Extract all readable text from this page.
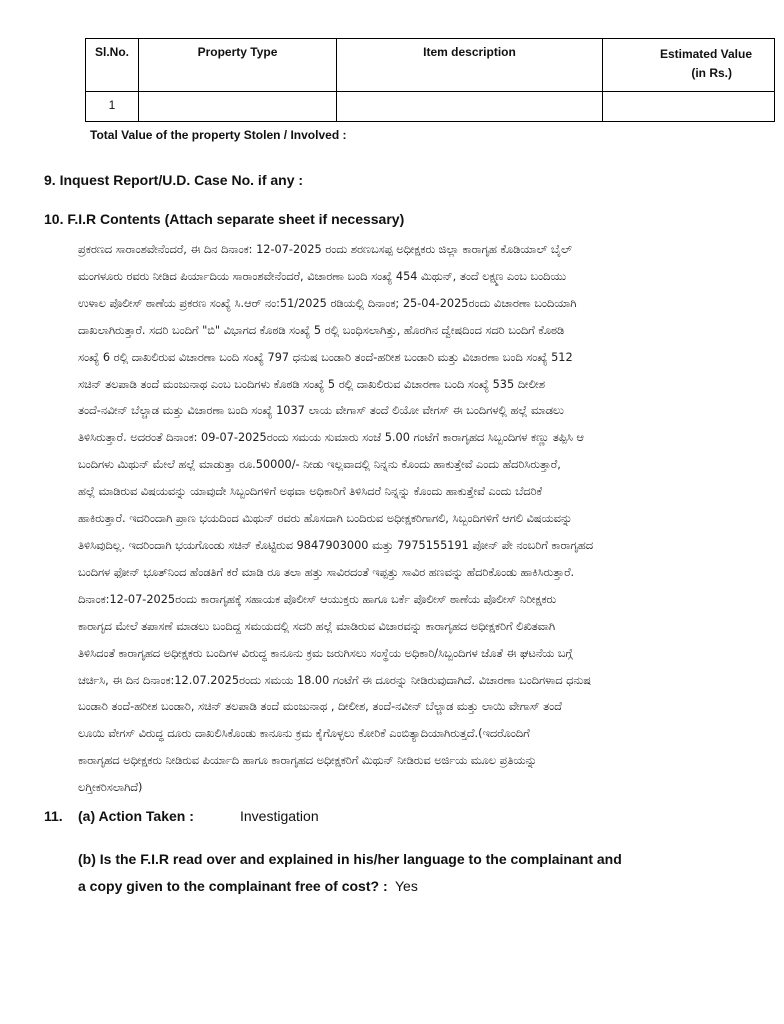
Sl.No.	Property Type	Item description	Estimated Value
(in Rs.)

1			
Total Value of the property Stolen / Involved :
9. Inquest Report/U.D. Case No. if any :
10. F.I.R Contents (Attach separate sheet if necessary)
ಪ್ರಕರಣದ ಸಾರಾಂಶವೇನೆಂದರೆ, ಈ ದಿನ ದಿನಾಂಕ: 12-07-2025 ರಂದು ಶರಣಬಸಪ್ಪ ಅಧೀಕ್ಷಕರು ಜಿಲ್ಲಾ ಕಾರಾಗೃಹ ಕೊಡಿಯಾಲ್ ಬೈಲ್
ಮಂಗಳೂರು ರವರು ನೀಡಿದ ಪಿರ್ಯಾದಿಯ ಸಾರಾಂಶವೇನೆಂದರೆ, ವಿಚಾರಣಾ ಬಂದಿ ಸಂಖ್ಯೆ 454 ಮಿಥುನ್, ತಂದೆ ಲಕ್ಷ್ಮಣ ಎಂಬ ಬಂದಿಯು
ಉಳಾಲ ಪೊಲೀಸ್ ಠಾಣೆಯ ಪ್ರಕರಣ ಸಂಖ್ಯೆ ಸಿ.ಆರ್ ನಂ:51/2025 ರಡಿಯಲ್ಲಿ ದಿನಾಂಕ; 25-04-2025ರಂದು ವಿಚಾರಣಾ ಬಂದಿಯಾಗಿ
ದಾಖಲಾಗಿರುತ್ತಾರೆ. ಸದರಿ ಬಂದಿಗೆ "ಬಿ" ವಿಭಾಗದ ಕೊಠಡಿ ಸಂಖ್ಯೆ 5 ರಲ್ಲಿ ಬಂಧಿಸಲಾಗಿತ್ತು, ಹೊರಗಿನ ದ್ವೇಷದಿಂದ ಸದರಿ ಬಂದಿಗೆ ಕೊಠಡಿ
ಸಂಖ್ಯೆ 6 ರಲ್ಲಿ ದಾಖಲಿರುವ ವಿಚಾರಣಾ ಬಂದಿ ಸಂಖ್ಯೆ 797 ಧನುಷ ಬಂಡಾರಿ ತಂದೆ-ಹರೀಶ ಬಂಡಾರಿ ಮತ್ತು ವಿಚಾರಣಾ ಬಂದಿ ಸಂಖ್ಯೆ 512
ಸಚಿನ್ ತಲಪಾಡಿ ತಂದೆ ಮಂಜುನಾಥ ಎಂಬ ಬಂದಿಗಳು ಕೊಠಡಿ ಸಂಖ್ಯೆ 5 ರಲ್ಲಿ ದಾಖಲಿರುವ ವಿಚಾರಣಾ ಬಂದಿ ಸಂಖ್ಯೆ 535 ದೀಲೀಶ
ತಂದೆ-ನವೀನ್ ಬೆಲ್ಚಾಡ ಮತ್ತು ವಿಚಾರಣಾ ಬಂದಿ ಸಂಖ್ಯೆ 1037 ಲಾಯ ವೇಗಾಸ್ ತಂದೆ ಲಿಯೋ ವೇಗಸ್ ಈ ಬಂದಿಗಳಲ್ಲಿ ಹಲ್ಲೆ ಮಾಡಲು
ತಿಳಿಸಿರುತ್ತಾರೆ. ಅದರಂತೆ ದಿನಾಂಕ: 09-07-2025ರಂದು ಸಮಯ ಸುಮಾರು ಸಂಜೆ 5.00 ಗಂಟೆಗೆ ಕಾರಾಗೃಹದ ಸಿಬ್ಬಂದಿಗಳ ಕಣ್ಣು ತಪ್ಪಿಸಿ ಆ
ಬಂದಿಗಳು ಮಿಥುನ್ ಮೇಲೆ ಹಲ್ಲೆ ಮಾಡುತ್ತಾ ರೂ.50000/- ನೀಡು ಇಲ್ಲವಾದಲ್ಲಿ ನಿನ್ನನು ಕೊಂದು ಹಾಕುತ್ತೇವೆ ಎಂದು ಹೆದರಿಸಿರುತ್ತಾರೆ,
ಹಲ್ಲೆ ಮಾಡಿರುವ ವಿಷಯವನ್ನು ಯಾವುದೇ ಸಿಬ್ಬಂದಿಗಳಿಗೆ ಅಥವಾ ಅಧಿಕಾರಿಗೆ ತಿಳಿಸಿದರೆ ನಿನ್ನನ್ನು ಕೊಂದು ಹಾಕುತ್ತೇವೆ ಎಂದು ಬೆದರಿಕೆ
ಹಾಕಿರುತ್ತಾರೆ. ಇದರಿಂದಾಗಿ ಪ್ರಾಣ ಭಯದಿಂದ ಮಿಥುನ್ ರವರು ಹೊಸದಾಗಿ ಬಂದಿರುವ ಅಧೀಕ್ಷಕರಿಗಾಗಲಿ, ಸಿಬ್ಬಂದಿಗಳಿಗೆ ಆಗಲಿ ವಿಷಯವನ್ನು
ತಿಳಿಸಿವುದಿಲ್ಲ. ಇದರಿಂದಾಗಿ ಭಯಗೊಂಡು ಸಚಿನ್ ಕೊಟ್ಟಿರುವ 9847903000 ಮತ್ತು 7975155191 ಪೋನ್ ಪೇ ನಂಬರಿಗೆ ಕಾರಾಗೃಹದ
ಬಂದಿಗಳ ಫೋನ್ ಭೂತ್‌ನಿಂದ ಹೆಂಡತಿಗೆ ಕರೆ ಮಾಡಿ ರೂ ತಲಾ ಹತ್ತು ಸಾವಿರದಂತೆ ಇಪ್ಪತ್ತು ಸಾವಿರ ಹಣವನ್ನು ಹೆದರಿಕೊಂಡು ಹಾಕಿಸಿರುತ್ತಾರೆ.
ದಿನಾಂಕ:12-07-2025ರಂದು ಕಾರಾಗೃಹಕ್ಕೆ ಸಹಾಯಕ ಪೊಲೀಸ್ ಆಯುಕ್ತರು ಹಾಗೂ ಬರ್ಕೆ ಪೊಲೀಸ್ ಠಾಣೆಯ ಪೊಲೀಸ್ ನಿರೀಕ್ಷಕರು
ಕಾರಾಗೃದ ಮೇಲೆ ತಪಾಸಣೆ ಮಾಡಲು ಬಂದಿದ್ದ ಸಮಯದಲ್ಲಿ ಸದರಿ ಹಲ್ಲೆ ಮಾಡಿರುವ ವಿಚಾರವನ್ನು ಕಾರಾಗೃಹದ ಅಧೀಕ್ಷಕರಿಗೆ ಲಿಖಿತವಾಗಿ
ತಿಳಿಸಿದಂತೆ ಕಾರಾಗೃಹದ ಅಧೀಕ್ಷಕರು ಬಂದಿಗಳ ವಿರುದ್ಧ ಕಾನೂನು ಕ್ರಮ ಜರುಗಿಸಲು ಸಂಸ್ಥೆಯ ಅಧಿಕಾರಿ/ಸಿಬ್ಬಂದಿಗಳ ಜೊತೆ ಈ ಘಟನೆಯ ಬಗ್ಗೆ
ಚರ್ಚಿಸಿ, ಈ ದಿನ ದಿನಾಂಕ:12.07.2025ರಂದು ಸಮಯ 18.00 ಗಂಟೆಗೆ ಈ ದೂರನ್ನು ನೀಡಿರುವುದಾಗಿದೆ. ವಿಚಾರಣಾ ಬಂದಿಗಳಾದ ಧನುಷ
ಬಂಡಾರಿ ತಂದೆ-ಹರೀಶ ಬಂಡಾರಿ, ಸಚಿನ್ ತಲಪಾಡಿ ತಂದೆ ಮಂಜುನಾಥ , ದೀಲೀಶ, ತಂದೆ-ನವೀನ್ ಬೆಲ್ಚಾಡ ಮತ್ತು ಲಾಯಿ ವೇಗಾಸ್ ತಂದೆ
ಲೂಯಿ ವೇಗಸ್ ವಿರುದ್ಧ ದೂರು ದಾಖಲಿಸಿಕೊಂಡು ಕಾನೂನು ಕ್ರಮ ಕೈಗೊಳ್ಳಲು ಕೋರಿಕೆ ಎಂಬಿತ್ಯಾದಿಯಾಗಿರುತ್ತದೆ.(ಇದರೊಂದಿಗೆ
ಕಾರಾಗೃಹದ ಅಧೀಕ್ಷಕರು ನೀಡಿರುವ ಪಿರ್ಯಾದಿ ಹಾಗೂ ಕಾರಾಗೃಹದ ಅಧೀಕ್ಷಕರಿಗೆ ಮಿಥುನ್ ನೀಡಿರುವ ಅರ್ಜಿಯ ಮೂಲ ಪ್ರತಿಯನ್ನು
ಲಗ್ತೀಕರಿಸಲಾಗಿದೆ)
11. (a) Action Taken :	Investigation
(b) Is the F.I.R read over and explained in his/her language to the complainant and
a copy given to the complainant free of cost? : Yes
